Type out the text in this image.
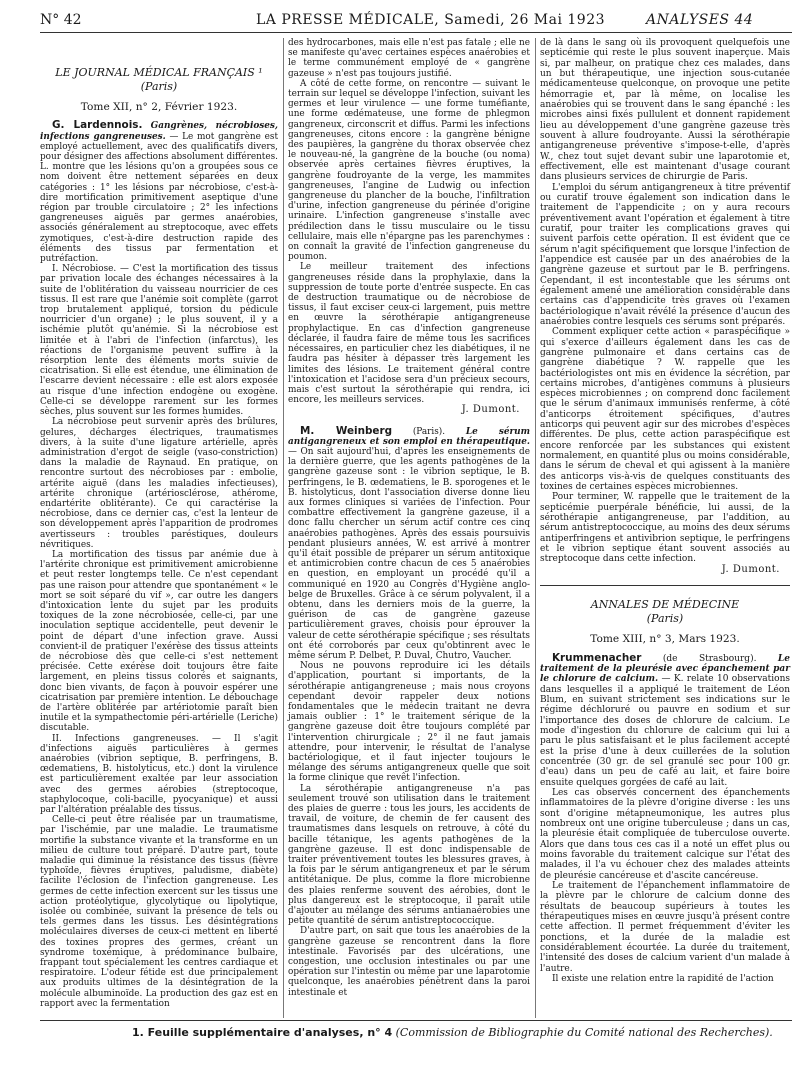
N° 42	LA PRESSE MÉDICALE, Samedi, 26 Mai 1923	ANALYSES 44
LE JOURNAL MÉDICAL FRANÇAIS ¹
(Paris)
Tome XII, n° 2, Février 1923.

G. Lardennois. Gangrènes, nécrobioses, infections gangreneuses. — Le mot gangrène est employé actuellement, avec des qualificatifs divers, pour désigner des affections absolument différentes. L. montre que les lésions qu'on a groupées sous ce nom doivent être nettement séparées en deux catégories : 1° les lésions par nécrobiose, c'est-à-dire mortification primitivement aseptique d'une région par trouble circulatoire ; 2° les infections gangreneuses aiguës par germes anaérobies, associés généralement au streptocoque, avec effets zymotiques, c'est-à-dire destruction rapide des éléments des tissus par fermentation et putréfaction.

I. Nécrobiose. — C'est la mortification des tissus par privation locale des échanges nécessaires à la suite de l'oblitération du vaisseau nourricier de ces tissus. Il est rare que l'anémie soit complète (garrot trop brutalement appliqué, torsion du pédicule nourricier d'un organe) ; le plus souvent, il y a ischémie plutôt qu'anémie. Si la nécrobiose est limitée et à l'abri de l'infection (infarctus), les réactions de l'organisme peuvent suffire à la résorption lente des éléments morts suivie de cicatrisation. Si elle est étendue, une élimination de l'escarre devient nécessaire : elle est alors exposée au risque d'une infection endogène ou exogène. Celle-ci se développe rarement sur les formes sèches, plus souvent sur les formes humides.

La nécrobiose peut survenir après des brûlures, gelures, décharges électriques, traumatismes divers, à la suite d'une ligature artérielle, après administration d'ergot de seigle (vaso-constriction) dans la maladie de Raynaud. En pratique, on rencontre surtout des nécrobioses par : embolie, artérite aiguë (dans les maladies infectieuses), artérite chronique (artériosclérose, athérome, endartérite oblitérante). Ce qui caractérise la nécrobiose, dans ce dernier cas, c'est la lenteur de son développement après l'apparition de prodromes avertisseurs : troubles paréstiques, douleurs névritiques.

La mortification des tissus par anémie due à l'artérite chronique est primitivement amicrobienne et peut rester longtemps telle. Ce n'est cependant pas une raison pour attendre que spontanément « le mort se soit séparé du vif », car outre les dangers d'intoxication lente du sujet par les produits toxiques de la zone nécrobiosée, celle-ci, par une inoculation septique accidentelle, peut devenir le point de départ d'une infection grave. Aussi convient-il de pratiquer l'exérèse des tissus atteints de nécrobiose dès que celle-ci s'est nettement précisée. Cette exérèse doit toujours être faite largement, en pleins tissus colorés et saignants, donc bien vivants, de façon à pouvoir espérer une cicatrisation par première intention. Le débouchage de l'artère oblitérée par artériotomie paraît bien inutile et la sympathectomie péri-artérielle (Leriche) discutable.

II. Infections gangreneuses. — Il s'agit d'infections aiguës particulières à germes anaérobies (vibrion septique, B. perfringens, B. œdematiens, B. histolyticus, etc.) dont la virulence est particulièrement exaltée par leur association avec des germes aérobies (streptocoque, staphylocoque, coli-bacille, pyocyanique) et aussi par l'altération préalable des tissus.

Celle-ci peut être réalisée par un traumatisme, par l'ischémie, par une maladie. Le traumatisme mortifie la substance vivante et la transforme en un milieu de culture tout préparé. D'autre part, toute maladie qui diminue la résistance des tissus (fièvre typhoïde, fièvres éruptives, paludisme, diabète) facilite l'éclosion de l'infection gangreneuse. Les germes de cette infection exercent sur les tissus une action protéolytique, glycolytique ou lipolytique, isolée ou combinée, suivant la présence de tels ou tels germes dans les tissus. Les désintégrations moléculaires diverses de ceux-ci mettent en liberté des toxines propres des germes, créant un syndrome toxémique, à prédominance bulbaire, frappant tout spécialement les centres cardiaque et respiratoire. L'odeur fétide est due principalement aux produits ultimes de la désintégration de la molécule albuminoïde. La production des gaz est en rapport avec la fermentation

des hydrocarbones, mais elle n'est pas fatale ; elle ne se manifeste qu'avec certaines espèces anaérobies et le terme communément employé de « gangrène gazeuse » n'est pas toujours justifié.

A côté de cette forme, on rencontre — suivant le terrain sur lequel se développe l'infection, suivant les germes et leur virulence — une forme tuméfiante, une forme œdémateuse, une forme de phlegmon gangreneux, circonscrit et diffus. Parmi les infections gangreneuses, citons encore : la gangrène bénigne des paupières, la gangrène du thorax observée chez le nouveau-né, la gangrène de la bouche (ou noma) observée après certaines fièvres éruptives, la gangrène foudroyante de la verge, les mammites gangreneuses, l'angine de Ludwig ou infection gangreneuse du plancher de la bouche, l'infiltration d'urine, infection gangreneuse du périnée d'origine urinaire. L'infection gangreneuse s'installe avec prédilection dans le tissu musculaire ou le tissu cellulaire, mais elle n'épargne pas les parenchymes : on connaît la gravité de l'infection gangreneuse du poumon.

Le meilleur traitement des infections gangreneuses réside dans la prophylaxie, dans la suppression de toute porte d'entrée suspecte. En cas de destruction traumatique ou de nécrobiose de tissus, il faut exciser ceux-ci largement, puis mettre en œuvre la sérothérapie antigangreneuse prophylactique. En cas d'infection gangreneuse déclarée, il faudra faire de même tous les sacrifices nécessaires, en particulier chez les diabétiques, il ne faudra pas hésiter à dépasser très largement les limites des lésions. Le traitement général contre l'intoxication et l'acidose sera d'un précieux secours, mais c'est surtout la sérothérapie qui rendra, ici encore, les meilleurs services.

J. Dumont.

M. Weinberg (Paris). Le sérum antigangreneux et son emploi en thérapeutique. — On sait aujourd'hui, d'après les enseignements de la dernière guerre, que les agents pathogènes de la gangrène gazeuse sont : le vibrion septique, le B. perfringens, le B. œdematiens, le B. sporogenes et le B. histolyticus, dont l'association diverse donne lieu aux formes cliniques si variées de l'infection. Pour combattre effectivement la gangrène gazeuse, il a donc fallu chercher un sérum actif contre ces cinq anaérobies pathogènes. Après des essais poursuivis pendant plusieurs années, W. est arrivé à montrer qu'il était possible de préparer un sérum antitoxique et antimicrobien contre chacun de ces 5 anaérobies en question, en employant un procédé qu'il a communiqué en 1920 au Congrès d'Hygiène anglo-belge de Bruxelles. Grâce à ce sérum polyvalent, il a obtenu, dans les derniers mois de la guerre, la guérison de cas de gangrène gazeuse particulièrement graves, choisis pour éprouver la valeur de cette sérothérapie spécifique ; ses résultats ont été corroborés par ceux qu'obtinrent avec le même sérum P. Delbet, P. Duval, Chutro, Vaucher.

Nous ne pouvons reproduire ici les détails d'application, pourtant si importants, de la sérothérapie antigangreneuse ; mais nous croyons cependant devoir rappeler deux notions fondamentales que le médecin traitant ne devra jamais oublier : 1° le traitement sérique de la gangrène gazeuse doit être toujours complété par l'intervention chirurgicale ; 2° il ne faut jamais attendre, pour intervenir, le résultat de l'analyse bactériologique, et il faut injecter toujours le mélange des sérums antigangreneux quelle que soit la forme clinique que revêt l'infection.

La sérothérapie antigangreneuse n'a pas seulement trouvé son utilisation dans le traitement des plaies de guerre : tous les jours, les accidents de travail, de voiture, de chemin de fer causent des traumatismes dans lesquels on retrouve, à côté du bacille tétanique, les agents pathogènes de la gangrène gazeuse. Il est donc indispensable de traiter préventivement toutes les blessures graves, à la fois par le sérum antigangreneux et par le sérum antitétanique. De plus, comme la flore microbienne des plaies renferme souvent des aérobies, dont le plus dangereux est le streptocoque, il paraît utile d'ajouter au mélange des sérums antianaérobies une petite quantité de sérum antistreptococcique.

D'autre part, on sait que tous les anaérobies de la gangrène gazeuse se rencontrent dans la flore intestinale. Favorisés par des ulcérations, une congestion, une occlusion intestinales ou par une opération sur l'intestin ou même par une laparotomie quelconque, les anaérobies pénètrent dans la paroi intestinale et

de là dans le sang où ils provoquent quelquefois une septicémie qui reste le plus souvent inaperçue. Mais si, par malheur, on pratique chez ces malades, dans un but thérapeutique, une injection sous-cutanée médicamenteuse quelconque, on provoque une petite hémorragie et, par là même, on localise les anaérobies qui se trouvent dans le sang épanché : les microbes ainsi fixés pullulent et donnent rapidement lieu au développement d'une gangrène gazeuse très souvent à allure foudroyante. Aussi la sérothérapie antigangreneuse préventive s'impose-t-elle, d'après W., chez tout sujet devant subir une laparotomie et, effectivement, elle est maintenant d'usage courant dans plusieurs services de chirurgie de Paris.

L'emploi du sérum antigangreneux à titre préventif ou curatif trouve également son indication dans le traitement de l'appendicite ; on y aura recours préventivement avant l'opération et également à titre curatif, pour traiter les complications graves qui suivent parfois cette opération. Il est évident que ce sérum n'agit spécifiquement que lorsque l'infection de l'appendice est causée par un des anaérobies de la gangrène gazeuse et surtout par le B. perfringens. Cependant, il est incontestable que les sérums ont également amené une amélioration considérable dans certains cas d'appendicite très graves où l'examen bactériologique n'avait révélé la présence d'aucun des anaérobies contre lesquels ces sérums sont préparés.

Comment expliquer cette action « paraspécifique » qui s'exerce d'ailleurs également dans les cas de gangrène pulmonaire et dans certains cas de gangrène diabétique ? W. rappelle que les bactériologistes ont mis en évidence la sécrétion, par certains microbes, d'antigènes communs à plusieurs espèces microbiennes ; on comprend donc facilement que le sérum d'animaux immunisés renferme, à côté d'anticorps étroitement spécifiques, d'autres anticorps qui peuvent agir sur des microbes d'espèces différentes. De plus, cette action paraspécifique est encore renforcée par les substances qui existent normalement, en quantité plus ou moins considérable, dans le sérum de cheval et qui agissent à la manière des anticorps vis-à-vis de quelques constituants des toxines de certaines espèces microbiennes.

Pour terminer, W. rappelle que le traitement de la septicémie puerpérale bénéficie, lui aussi, de la sérothérapie antigangreneuse, par l'addition, au sérum antistreptococcique, au moins des deux sérums antiperfringens et antivibrion septique, le perfringens et le vibrion septique étant souvent associés au streptocoque dans cette infection.

J. Dumont.
ANNALES DE MÉDECINE
(Paris)
Tome XIII, n° 3, Mars 1923.

Krummenacher (de Strasbourg). Le traitement de la pleurésie avec épanchement par le chlorure de calcium. — K. relate 10 observations dans lesquelles il a appliqué le traitement de Léon Blum, en suivant strictement ses indications sur le régime déchloruré ou pauvre en sodium et sur l'importance des doses de chlorure de calcium. Le mode d'ingestion du chlorure de calcium qui lui a paru le plus satisfaisant et le plus facilement accepté est la prise d'une à deux cuillerées de la solution concentrée (30 gr. de sel granulé sec pour 100 gr. d'eau) dans un peu de café au lait, et faire boire ensuite quelques gorgées de café au lait.

Les cas observés concernent des épanchements inflammatoires de la plèvre d'origine diverse : les uns sont d'origine métapneumonique, les autres plus nombreux ont une origine tuberculeuse ; dans un cas, la pleurésie était compliquée de tuberculose ouverte. Alors que dans tous ces cas il a noté un effet plus ou moins favorable du traitement calcique sur l'état des malades, il l'a vu échouer chez des malades atteints de pleurésie cancéreuse et d'ascite cancéreuse.

Le traitement de l'épanchement inflammatoire de la plèvre par le chlorure de calcium donne des résultats de beaucoup supérieurs à toutes les thérapeutiques mises en œuvre jusqu'à présent contre cette affection. Il permet fréquemment d'éviter les ponctions, et la durée de la maladie est considérablement écourtée. La durée du traitement, l'intensité des doses de calcium varient d'un malade à l'autre.

Il existe une relation entre la rapidité de l'action

1. Feuille supplémentaire d'analyses, n° 4 (Commission de Bibliographie du Comité national des Recherches).
